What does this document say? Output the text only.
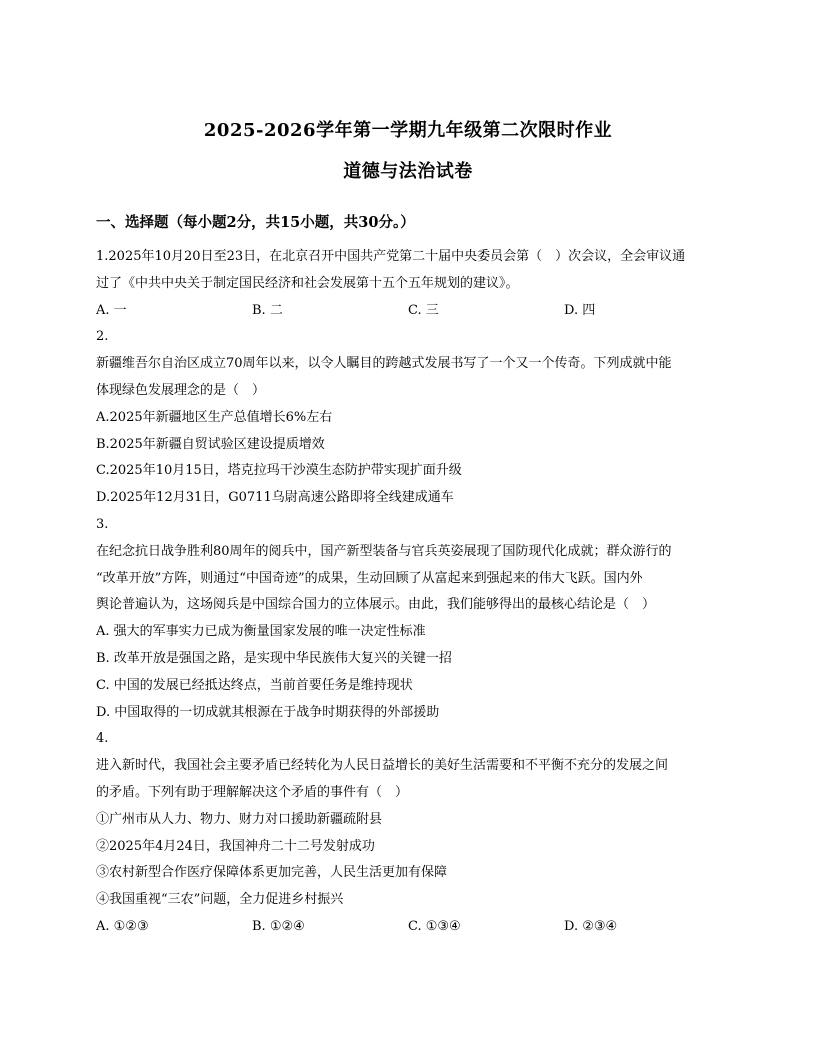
2025-2026学年第一学期九年级第二次限时作业
道德与法治试卷
一、选择题（每小题2分，共15小题，共30分。）
1.2025年10月20日至23日，在北京召开中国共产党第二十届中央委员会第（　）次会议，全会审议通
过了《中共中央关于制定国民经济和社会发展第十五个五年规划的建议》。
A. 一	B. 二	C. 三	D. 四
2.
新疆维吾尔自治区成立70周年以来，以令人瞩目的跨越式发展书写了一个又一个传奇。下列成就中能
体现绿色发展理念的是（　）
A.2025年新疆地区生产总值增长6%左右
B.2025年新疆自贸试验区建设提质增效
C.2025年10月15日，塔克拉玛干沙漠生态防护带实现扩面升级
D.2025年12月31日，G0711乌尉高速公路即将全线建成通车
3.
在纪念抗日战争胜利80周年的阅兵中，国产新型装备与官兵英姿展现了国防现代化成就；群众游行的
“改革开放”方阵，则通过“中国奇迹”的成果，生动回顾了从富起来到强起来的伟大飞跃。国内外
舆论普遍认为，这场阅兵是中国综合国力的立体展示。由此，我们能够得出的最核心结论是（　）
A. 强大的军事实力已成为衡量国家发展的唯一决定性标准
B. 改革开放是强国之路，是实现中华民族伟大复兴的关键一招
C. 中国的发展已经抵达终点，当前首要任务是维持现状
D. 中国取得的一切成就其根源在于战争时期获得的外部援助
4.
进入新时代，我国社会主要矛盾已经转化为人民日益增长的美好生活需要和不平衡不充分的发展之间
的矛盾。下列有助于理解解决这个矛盾的事件有（　）
①广州市从人力、物力、财力对口援助新疆疏附县
②2025年4月24日，我国神舟二十二号发射成功
③农村新型合作医疗保障体系更加完善，人民生活更加有保障
④我国重视“三农”问题，全力促进乡村振兴
A. ①②③	B. ①②④	C. ①③④	D. ②③④
